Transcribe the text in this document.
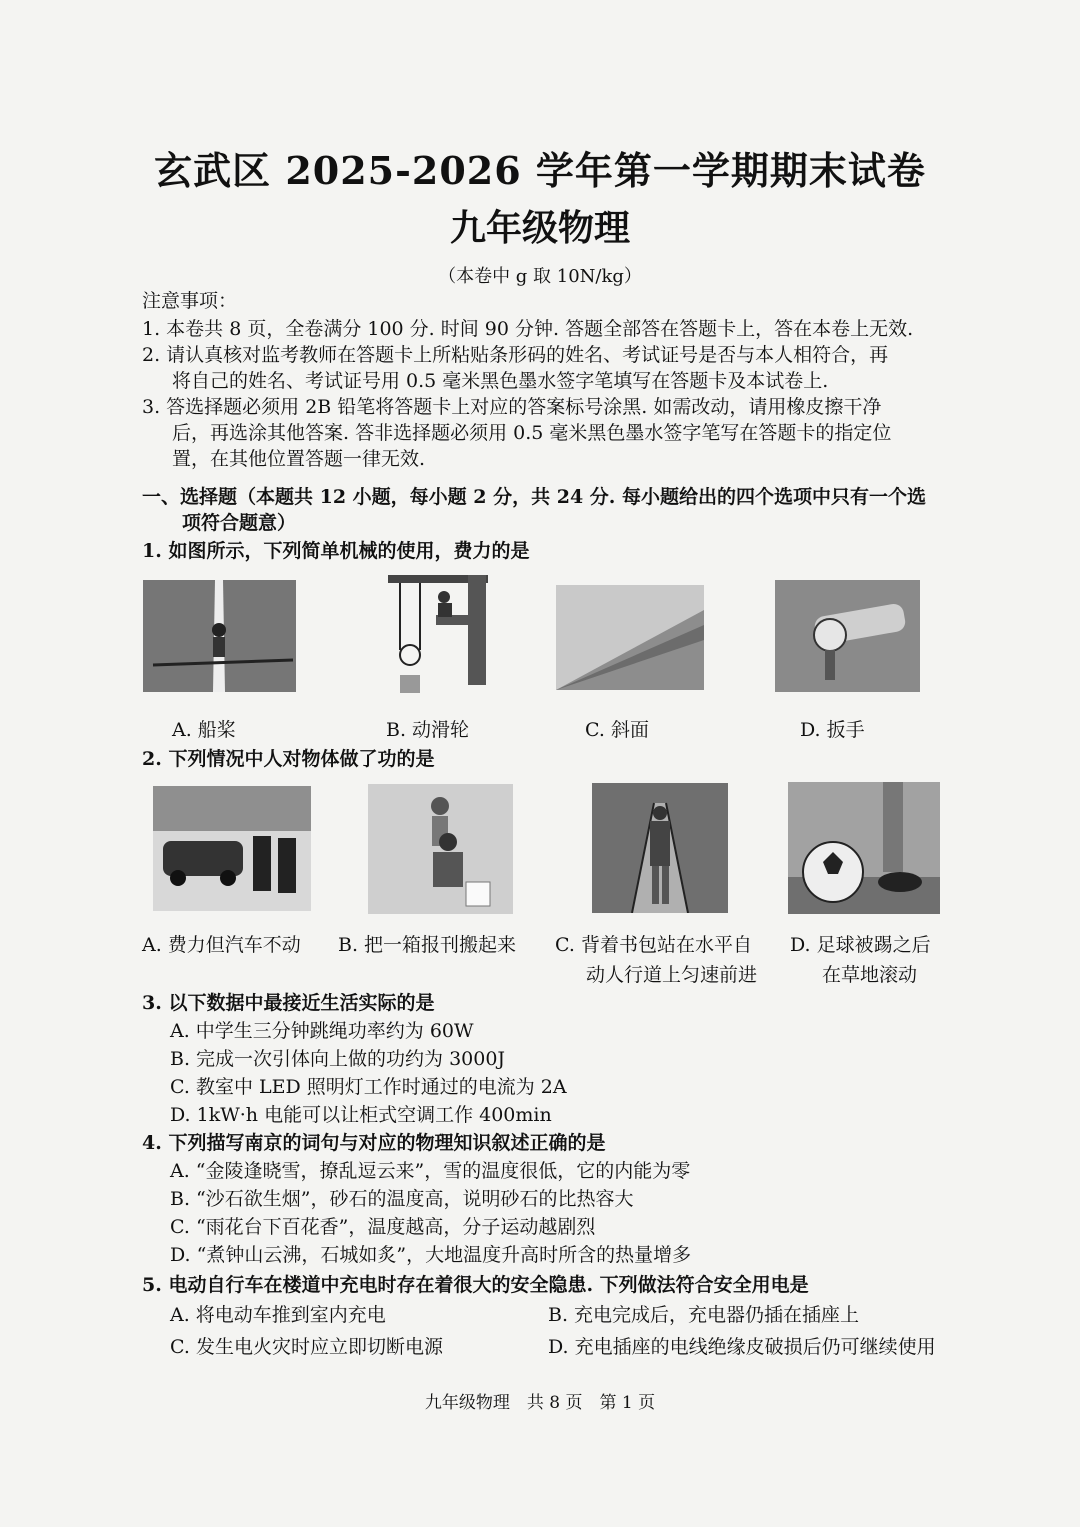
玄武区 2025-2026 学年第一学期期末试卷
九年级物理
（本卷中 g 取 10N/kg）
注意事项：
1. 本卷共 8 页，全卷满分 100 分. 时间 90 分钟. 答题全部答在答题卡上，答在本卷上无效.
2. 请认真核对监考教师在答题卡上所粘贴条形码的姓名、考试证号是否与本人相符合，再
将自己的姓名、考试证号用 0.5 毫米黑色墨水签字笔填写在答题卡及本试卷上.
3. 答选择题必须用 2B 铅笔将答题卡上对应的答案标号涂黑. 如需改动，请用橡皮擦干净
后，再选涂其他答案. 答非选择题必须用 0.5 毫米黑色墨水签字笔写在答题卡的指定位
置，在其他位置答题一律无效.
一、选择题（本题共 12 小题，每小题 2 分，共 24 分. 每小题给出的四个选项中只有一个选
项符合题意）
1. 如图所示，下列简单机械的使用，费力的是
A. 船桨	B. 动滑轮	C. 斜面	D. 扳手
2. 下列情况中人对物体做了功的是
A. 费力但汽车不动 B. 把一箱报刊搬起来 C. 背着书包站在水平自
动人行道上匀速前进
D. 足球被踢之后
在草地滚动
3. 以下数据中最接近生活实际的是
A. 中学生三分钟跳绳功率约为 60W
B. 完成一次引体向上做的功约为 3000J
C. 教室中 LED 照明灯工作时通过的电流为 2A
D. 1kW·h 电能可以让柜式空调工作 400min
4. 下列描写南京的词句与对应的物理知识叙述正确的是
A. “金陵逢晓雪，撩乱逗云来”，雪的温度很低，它的内能为零
B. “沙石欲生烟”，砂石的温度高，说明砂石的比热容大
C. “雨花台下百花香”，温度越高，分子运动越剧烈
D. “煮钟山云沸，石城如炙”，大地温度升高时所含的热量增多
5. 电动自行车在楼道中充电时存在着很大的安全隐患. 下列做法符合安全用电是
A. 将电动车推到室内充电	B. 充电完成后，充电器仍插在插座上
C. 发生电火灾时应立即切断电源	D. 充电插座的电线绝缘皮破损后仍可继续使用
九年级物理　共 8 页　第 1 页
